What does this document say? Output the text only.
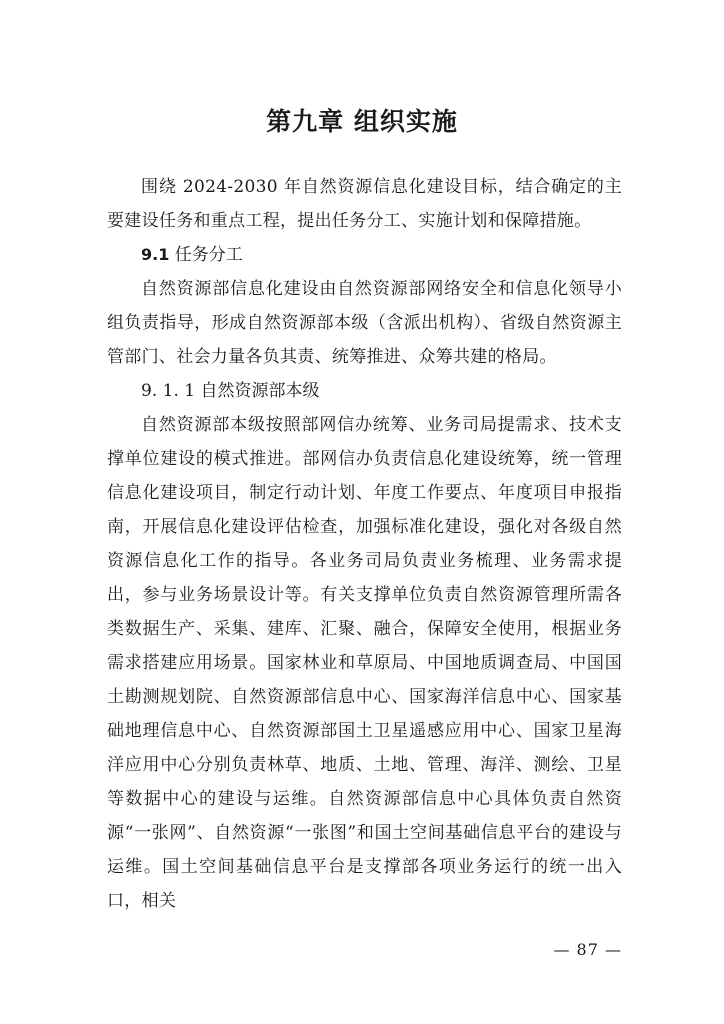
第九章 组织实施

围绕 2024-2030 年自然资源信息化建设目标，结合确定的主要建设任务和重点工程，提出任务分工、实施计划和保障措施。

9.1 任务分工

自然资源部信息化建设由自然资源部网络安全和信息化领导小组负责指导，形成自然资源部本级（含派出机构）、省级自然资源主管部门、社会力量各负其责、统筹推进、众筹共建的格局。

9. 1. 1 自然资源部本级

自然资源部本级按照部网信办统筹、业务司局提需求、技术支撑单位建设的模式推进。部网信办负责信息化建设统筹，统一管理信息化建设项目，制定行动计划、年度工作要点、年度项目申报指南，开展信息化建设评估检查，加强标准化建设，强化对各级自然资源信息化工作的指导。各业务司局负责业务梳理、业务需求提出，参与业务场景设计等。有关支撑单位负责自然资源管理所需各类数据生产、采集、建库、汇聚、融合，保障安全使用，根据业务需求搭建应用场景。国家林业和草原局、中国地质调查局、中国国土勘测规划院、自然资源部信息中心、国家海洋信息中心、国家基础地理信息中心、自然资源部国土卫星遥感应用中心、国家卫星海洋应用中心分别负责林草、地质、土地、管理、海洋、测绘、卫星等数据中心的建设与运维。自然资源部信息中心具体负责自然资源“一张网”、自然资源“一张图”和国土空间基础信息平台的建设与运维。国土空间基础信息平台是支撑部各项业务运行的统一出入口，相关

— 87 —
